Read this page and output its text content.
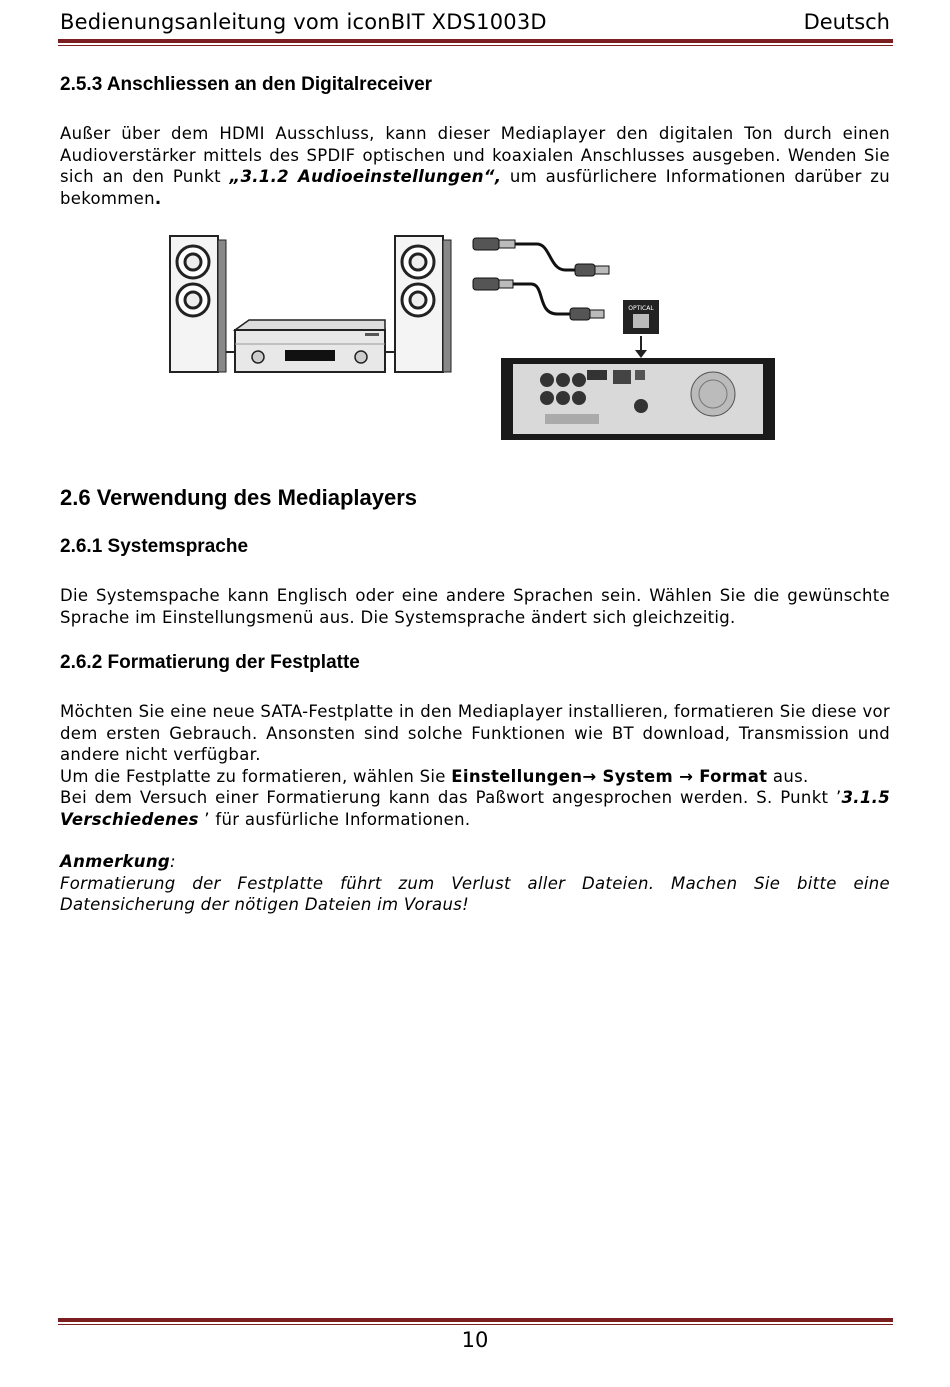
Bedienungsanleitung vom iconBIT XDS1003D	Deutsch
2.5.3 Anschliessen an den Digitalreceiver

Außer über dem HDMI Ausschluss, kann dieser Mediaplayer den digitalen Ton durch einen Audioverstärker mittels des SPDIF optischen und koaxialen Anschlusses ausgeben. Wenden Sie sich an den Punkt „3.1.2 Audioeinstellungen“, um ausfürlichere Informationen darüber zu bekommen.

OPTICAL
2.6 Verwendung des Mediaplayers
2.6.1 Systemsprache
Die Systemspache kann Englisch oder eine andere Sprachen sein. Wählen Sie die gewünschte Sprache im Einstellungsmenü aus. Die Systemsprache ändert sich gleichzeitig.
2.6.2 Formatierung der Festplatte

Möchten Sie eine neue SATA-Festplatte in den Mediaplayer installieren, formatieren Sie diese vor dem ersten Gebrauch. Ansonsten sind solche Funktionen wie BT download, Transmission und andere nicht verfügbar.

Um die Festplatte zu formatieren, wählen Sie Einstellungen→ System → Format aus.

Bei dem Versuch einer Formatierung kann das Paßwort angesprochen werden. S. Punkt ’3.1.5 Verschiedenes ’ für ausfürliche Informationen.

Anmerkung:

Formatierung der Festplatte führt zum Verlust aller Dateien. Machen Sie bitte eine Datensicherung der nötigen Dateien im Voraus!

10
